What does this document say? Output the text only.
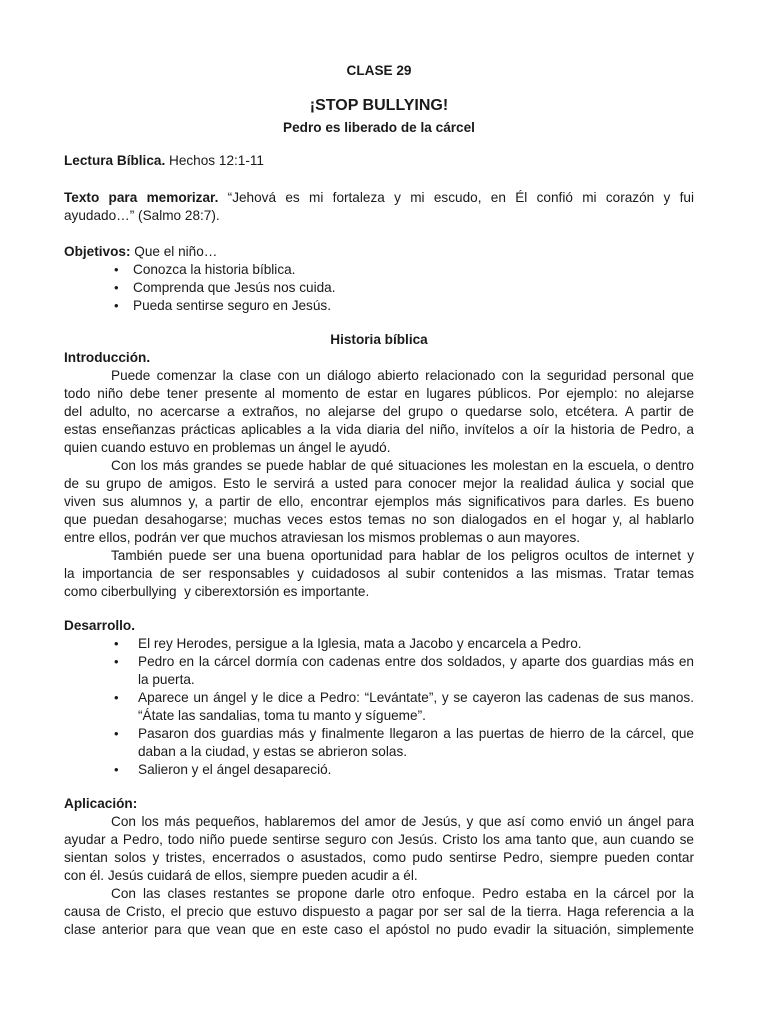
CLASE 29
¡STOP BULLYING!
Pedro es liberado de la cárcel
Lectura Bíblica. Hechos 12:1-11
Texto para memorizar. “Jehová es mi fortaleza y mi escudo, en Él confió mi corazón y fui
ayudado…” (Salmo 28:7).
Objetivos: Que el niño…
• Conozca la historia bíblica.
• Comprenda que Jesús nos cuida.
• Pueda sentirse seguro en Jesús.
Historia bíblica
Introducción.
Puede comenzar la clase con un diálogo abierto relacionado con la seguridad personal que
todo niño debe tener presente al momento de estar en lugares públicos. Por ejemplo: no alejarse
del adulto, no acercarse a extraños, no alejarse del grupo o quedarse solo, etcétera. A partir de
estas enseñanzas prácticas aplicables a la vida diaria del niño, invítelos a oír la historia de Pedro, a
quien cuando estuvo en problemas un ángel le ayudó.
Con los más grandes se puede hablar de qué situaciones les molestan en la escuela, o dentro
de su grupo de amigos. Esto le servirá a usted para conocer mejor la realidad áulica y social que
viven sus alumnos y, a partir de ello, encontrar ejemplos más significativos para darles. Es bueno
que puedan desahogarse; muchas veces estos temas no son dialogados en el hogar y, al hablarlo
entre ellos, podrán ver que muchos atraviesan los mismos problemas o aun mayores.
También puede ser una buena oportunidad para hablar de los peligros ocultos de internet y
la importancia de ser responsables y cuidadosos al subir contenidos a las mismas. Tratar temas
como ciberbullying  y ciberextorsión es importante.
Desarrollo.
• El rey Herodes, persigue a la Iglesia, mata a Jacobo y encarcela a Pedro.
• Pedro en la cárcel dormía con cadenas entre dos soldados, y aparte dos guardias más en
la puerta.
• Aparece un ángel y le dice a Pedro: “Levántate”, y se cayeron las cadenas de sus manos.
“Átate las sandalias, toma tu manto y sígueme”.
• Pasaron dos guardias más y finalmente llegaron a las puertas de hierro de la cárcel, que
daban a la ciudad, y estas se abrieron solas.
• Salieron y el ángel desapareció.
Aplicación:
Con los más pequeños, hablaremos del amor de Jesús, y que así como envió un ángel para
ayudar a Pedro, todo niño puede sentirse seguro con Jesús. Cristo los ama tanto que, aun cuando se
sientan solos y tristes, encerrados o asustados, como pudo sentirse Pedro, siempre pueden contar
con él. Jesús cuidará de ellos, siempre pueden acudir a él.
Con las clases restantes se propone darle otro enfoque. Pedro estaba en la cárcel por la
causa de Cristo, el precio que estuvo dispuesto a pagar por ser sal de la tierra. Haga referencia a la
clase anterior para que vean que en este caso el apóstol no pudo evadir la situación, simplemente
